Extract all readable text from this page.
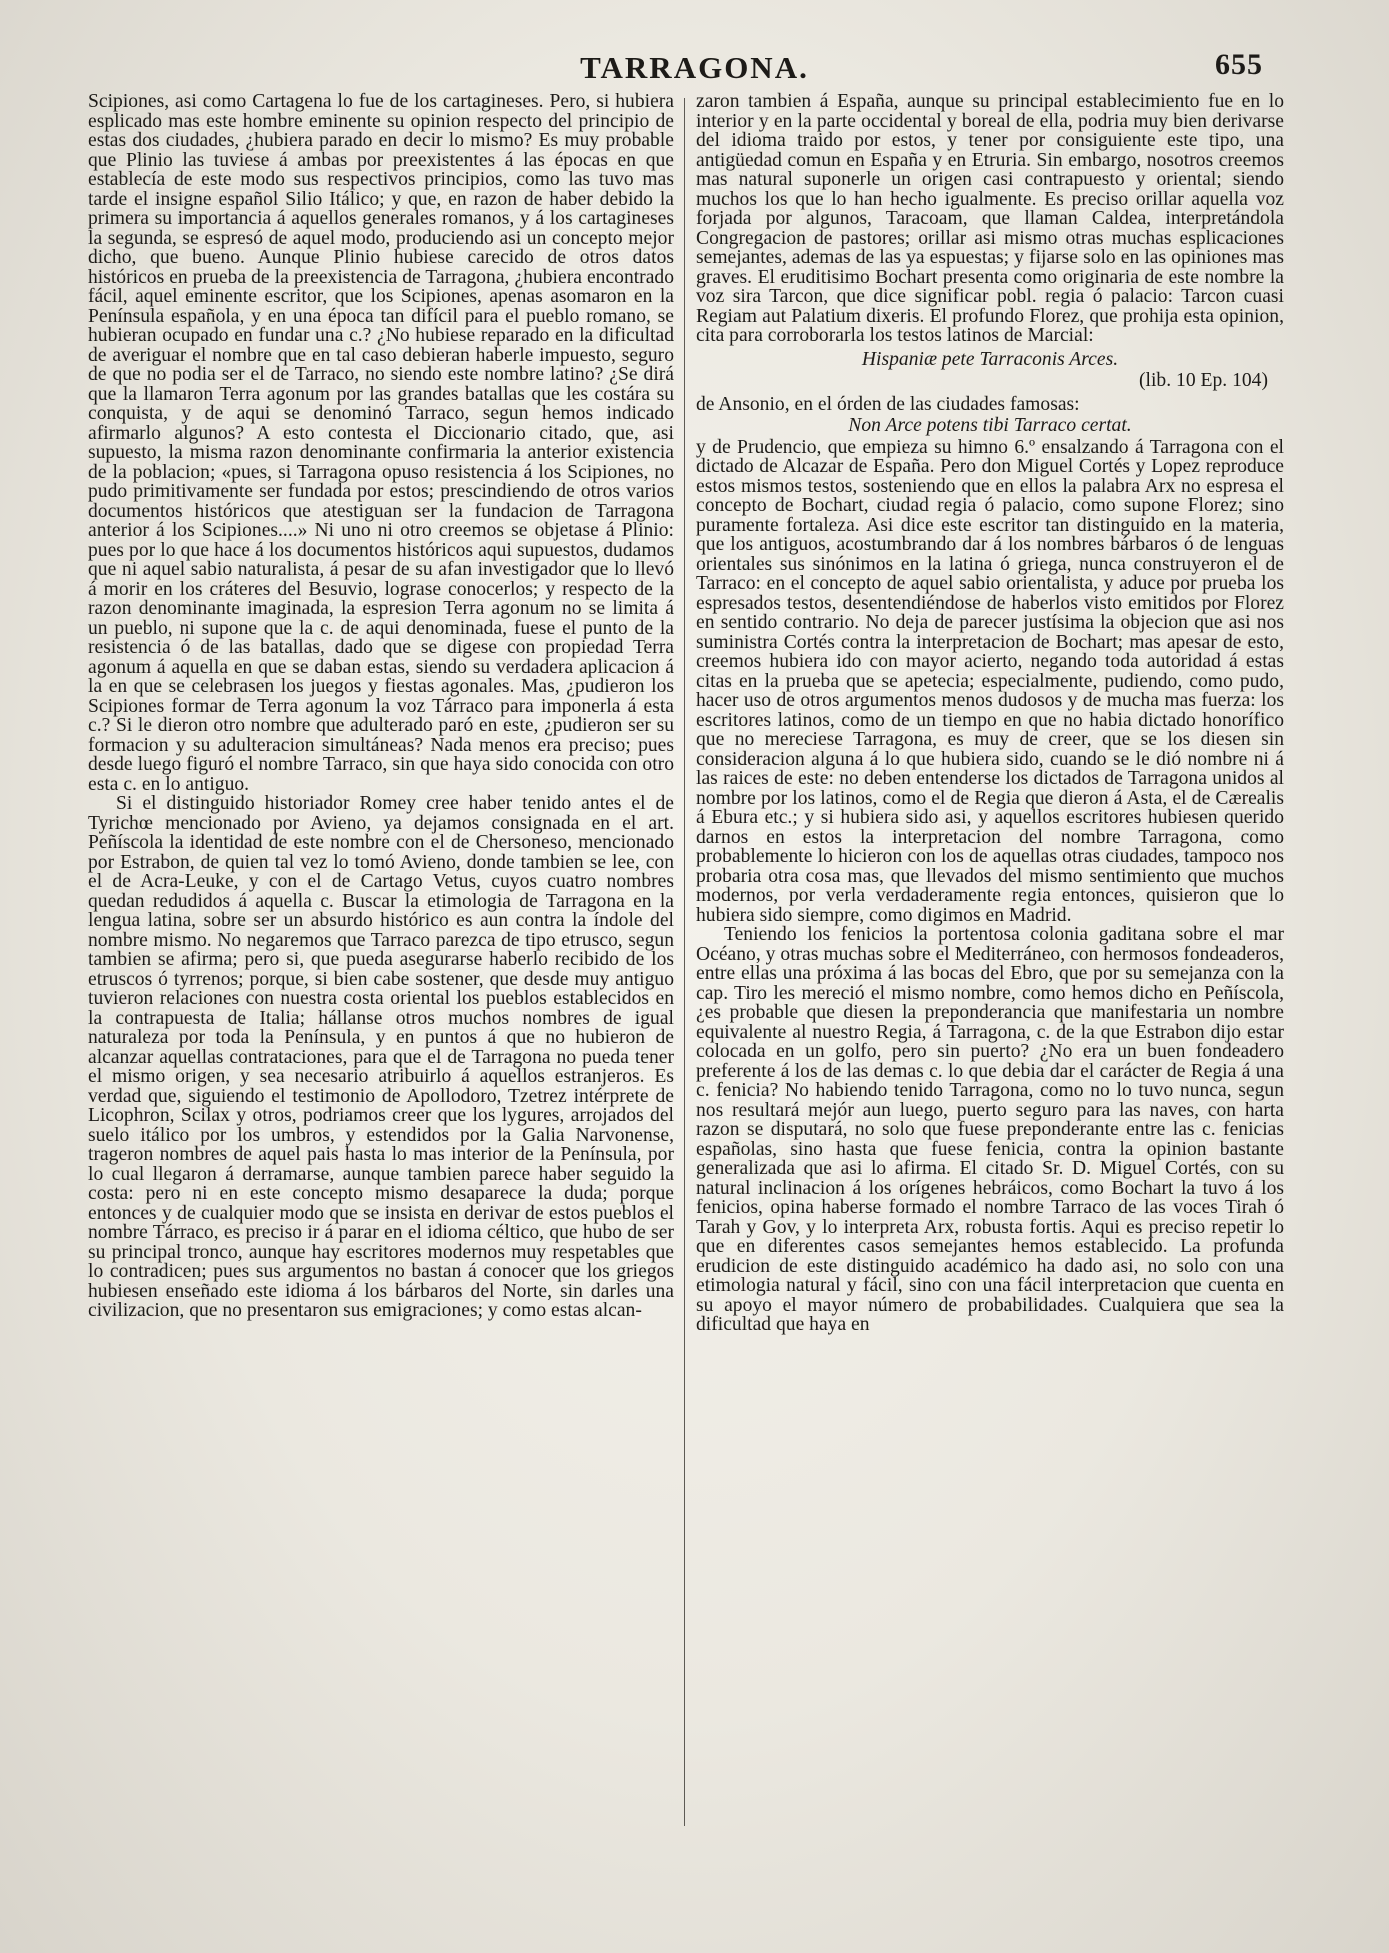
TARRAGONA.	655

Scipiones, asi como Cartagena lo fue de los cartagineses. Pero, si hubiera esplicado mas este hombre eminente su opinion respecto del principio de estas dos ciudades, ¿hubiera parado en decir lo mismo? Es muy probable que Plinio las tuviese á ambas por preexistentes á las épocas en que establecía de este modo sus respectivos principios, como las tuvo mas tarde el insigne español Silio Itálico; y que, en razon de haber debido la primera su importancia á aquellos generales romanos, y á los cartagineses la segunda, se espresó de aquel modo, produciendo asi un concepto mejor dicho, que bueno. Aunque Plinio hubiese carecido de otros datos históricos en prueba de la preexistencia de Tarragona, ¿hubiera encontrado fácil, aquel eminente escritor, que los Scipiones, apenas asomaron en la Península española, y en una época tan difícil para el pueblo romano, se hubieran ocupado en fundar una c.? ¿No hubiese reparado en la dificultad de averiguar el nombre que en tal caso debieran haberle impuesto, seguro de que no podia ser el de Tarraco, no siendo este nombre latino? ¿Se dirá que la llamaron Terra agonum por las grandes batallas que les costára su conquista, y de aqui se denominó Tarraco, segun hemos indicado afirmarlo algunos? A esto contesta el Diccionario citado, que, asi supuesto, la misma razon denominante confirmaria la anterior existencia de la poblacion; «pues, si Tarragona opuso resistencia á los Scipiones, no pudo primitivamente ser fundada por estos; prescindiendo de otros varios documentos históricos que atestiguan ser la fundacion de Tarragona anterior á los Scipiones....» Ni uno ni otro creemos se objetase á Plinio: pues por lo que hace á los documentos históricos aqui supuestos, dudamos que ni aquel sabio naturalista, á pesar de su afan investigador que lo llevó á morir en los cráteres del Besuvio, lograse conocerlos; y respecto de la razon denominante imaginada, la espresion Terra agonum no se limita á un pueblo, ni supone que la c. de aqui denominada, fuese el punto de la resistencia ó de las batallas, dado que se digese con propiedad Terra agonum á aquella en que se daban estas, siendo su verdadera aplicacion á la en que se celebrasen los juegos y fiestas agonales. Mas, ¿pudieron los Scipiones formar de Terra agonum la voz Tárraco para imponerla á esta c.? Si le dieron otro nombre que adulterado paró en este, ¿pudieron ser su formacion y su adulteracion simultáneas? Nada menos era preciso; pues desde luego figuró el nombre Tarraco, sin que haya sido conocida con otro esta c. en lo antiguo.

Si el distinguido historiador Romey cree haber tenido antes el de Tyrichœ mencionado por Avieno, ya dejamos consignada en el art. Peñíscola la identidad de este nombre con el de Chersoneso, mencionado por Estrabon, de quien tal vez lo tomó Avieno, donde tambien se lee, con el de Acra-Leuke, y con el de Cartago Vetus, cuyos cuatro nombres quedan redudidos á aquella c. Buscar la etimologia de Tarragona en la lengua latina, sobre ser un absurdo histórico es aun contra la índole del nombre mismo. No negaremos que Tarraco parezca de tipo etrusco, segun tambien se afirma; pero si, que pueda asegurarse haberlo recibido de los etruscos ó tyrrenos; porque, si bien cabe sostener, que desde muy antiguo tuvieron relaciones con nuestra costa oriental los pueblos establecidos en la contrapuesta de Italia; hállanse otros muchos nombres de igual naturaleza por toda la Península, y en puntos á que no hubieron de alcanzar aquellas contrataciones, para que el de Tarragona no pueda tener el mismo origen, y sea necesario atribuirlo á aquellos estranjeros. Es verdad que, siguiendo el testimonio de Apollodoro, Tzetrez intérprete de Licophron, Scilax y otros, podriamos creer que los lygures, arrojados del suelo itálico por los umbros, y estendidos por la Galia Narvonense, trageron nombres de aquel pais hasta lo mas interior de la Península, por lo cual llegaron á derramarse, aunque tambien parece haber seguido la costa: pero ni en este concepto mismo desaparece la duda; porque entonces y de cualquier modo que se insista en derivar de estos pueblos el nombre Tárraco, es preciso ir á parar en el idioma céltico, que hubo de ser su principal tronco, aunque hay escritores modernos muy respetables que lo contradicen; pues sus argumentos no bastan á conocer que los griegos hubiesen enseñado este idioma á los bárbaros del Norte, sin darles una civilizacion, que no presentaron sus emigraciones; y como estas alcan-

zaron tambien á España, aunque su principal establecimiento fue en lo interior y en la parte occidental y boreal de ella, podria muy bien derivarse del idioma traido por estos, y tener por consiguiente este tipo, una antigüedad comun en España y en Etruria. Sin embargo, nosotros creemos mas natural suponerle un origen casi contrapuesto y oriental; siendo muchos los que lo han hecho igualmente. Es preciso orillar aquella voz forjada por algunos, Taracoam, que llaman Caldea, interpretándola Congregacion de pastores; orillar asi mismo otras muchas esplicaciones semejantes, ademas de las ya espuestas; y fijarse solo en las opiniones mas graves. El eruditisimo Bochart presenta como originaria de este nombre la voz sira Tarcon, que dice significar pobl. regia ó palacio: Tarcon cuasi Regiam aut Palatium dixeris. El profundo Florez, que prohija esta opinion, cita para corroborarla los testos latinos de Marcial:

Hispaniæ pete Tarraconis Arces.

(lib. 10 Ep. 104)

de Ansonio, en el órden de las ciudades famosas:

Non Arce potens tibi Tarraco certat.

y de Prudencio, que empieza su himno 6.º ensalzando á Tarragona con el dictado de Alcazar de España. Pero don Miguel Cortés y Lopez reproduce estos mismos testos, sosteniendo que en ellos la palabra Arx no espresa el concepto de Bochart, ciudad regia ó palacio, como supone Florez; sino puramente fortaleza. Asi dice este escritor tan distinguido en la materia, que los antiguos, acostumbrando dar á los nombres bárbaros ó de lenguas orientales sus sinónimos en la latina ó griega, nunca construyeron el de Tarraco: en el concepto de aquel sabio orientalista, y aduce por prueba los espresados testos, desentendiéndose de haberlos visto emitidos por Florez en sentido contrario. No deja de parecer justísima la objecion que asi nos suministra Cortés contra la interpretacion de Bochart; mas apesar de esto, creemos hubiera ido con mayor acierto, negando toda autoridad á estas citas en la prueba que se apetecia; especialmente, pudiendo, como pudo, hacer uso de otros argumentos menos dudosos y de mucha mas fuerza: los escritores latinos, como de un tiempo en que no habia dictado honorífico que no mereciese Tarragona, es muy de creer, que se los diesen sin consideracion alguna á lo que hubiera sido, cuando se le dió nombre ni á las raices de este: no deben entenderse los dictados de Tarragona unidos al nombre por los latinos, como el de Regia que dieron á Asta, el de Cærealis á Ebura etc.; y si hubiera sido asi, y aquellos escritores hubiesen querido darnos en estos la interpretacion del nombre Tarragona, como probablemente lo hicieron con los de aquellas otras ciudades, tampoco nos probaria otra cosa mas, que llevados del mismo sentimiento que muchos modernos, por verla verdaderamente regia entonces, quisieron que lo hubiera sido siempre, como digimos en Madrid.

Teniendo los fenicios la portentosa colonia gaditana sobre el mar Océano, y otras muchas sobre el Mediterráneo, con hermosos fondeaderos, entre ellas una próxima á las bocas del Ebro, que por su semejanza con la cap. Tiro les mereció el mismo nombre, como hemos dicho en Peñíscola, ¿es probable que diesen la preponderancia que manifestaria un nombre equivalente al nuestro Regia, á Tarragona, c. de la que Estrabon dijo estar colocada en un golfo, pero sin puerto? ¿No era un buen fondeadero preferente á los de las demas c. lo que debia dar el carácter de Regia á una c. fenicia? No habiendo tenido Tarragona, como no lo tuvo nunca, segun nos resultará mejór aun luego, puerto seguro para las naves, con harta razon se disputará, no solo que fuese preponderante entre las c. fenicias españolas, sino hasta que fuese fenicia, contra la opinion bastante generalizada que asi lo afirma. El citado Sr. D. Miguel Cortés, con su natural inclinacion á los orígenes hebráicos, como Bochart la tuvo á los fenicios, opina haberse formado el nombre Tarraco de las voces Tirah ó Tarah y Gov, y lo interpreta Arx, robusta fortis. Aqui es preciso repetir lo que en diferentes casos semejantes hemos establecido. La profunda erudicion de este distinguido académico ha dado asi, no solo con una etimologia natural y fácil, sino con una fácil interpretacion que cuenta en su apoyo el mayor número de probabilidades. Cualquiera que sea la dificultad que haya en
